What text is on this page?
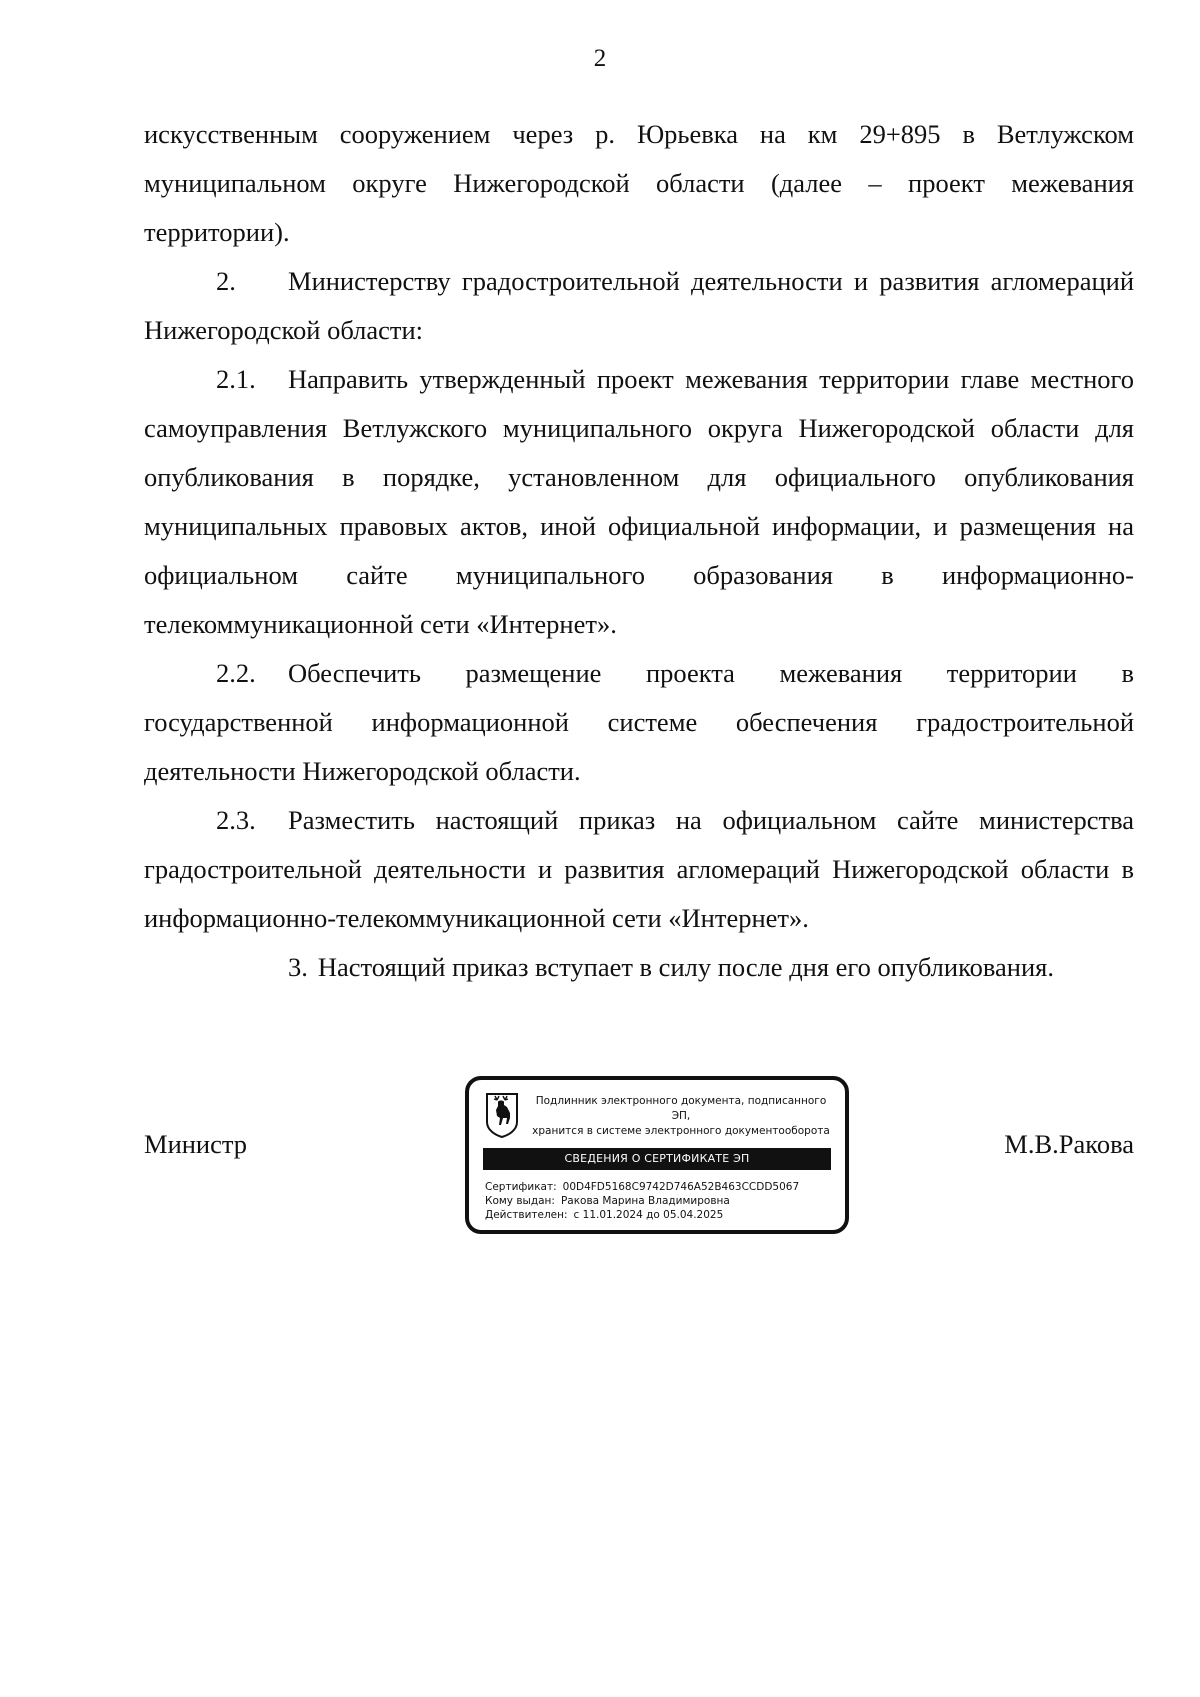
2

искусственным сооружением через р. Юрьевка на км 29+895 в Ветлужском муниципальном округе Нижегородской области (далее – проект межевания территории).

2. Министерству градостроительной деятельности и развития агломераций Нижегородской области:

2.1. Направить утвержденный проект межевания территории главе местного самоуправления Ветлужского муниципального округа Нижегородской области для опубликования в порядке, установленном для официального опубликования муниципальных правовых актов, иной официальной информации, и размещения на официальном сайте муниципального образования в информационно-телекоммуникационной сети «Интернет».

2.2. Обеспечить размещение проекта межевания территории в государственной информационной системе обеспечения градостроительной деятельности Нижегородской области.

2.3. Разместить настоящий приказ на официальном сайте министерства градостроительной деятельности и развития агломераций Нижегородской области в информационно-телекоммуникационной сети «Интернет».

3. Настоящий приказ вступает в силу после дня его опубликования.

Министр	М.В.Ракова
Подлинник электронного документа, подписанного ЭП,
хранится в системе электронного документооборота
СВЕДЕНИЯ О СЕРТИФИКАТЕ ЭП
Сертификат: 00D4FD5168C9742D746A52B463CCDD5067
Кому выдан: Ракова Марина Владимировна
Действителен: с 11.01.2024 до 05.04.2025
